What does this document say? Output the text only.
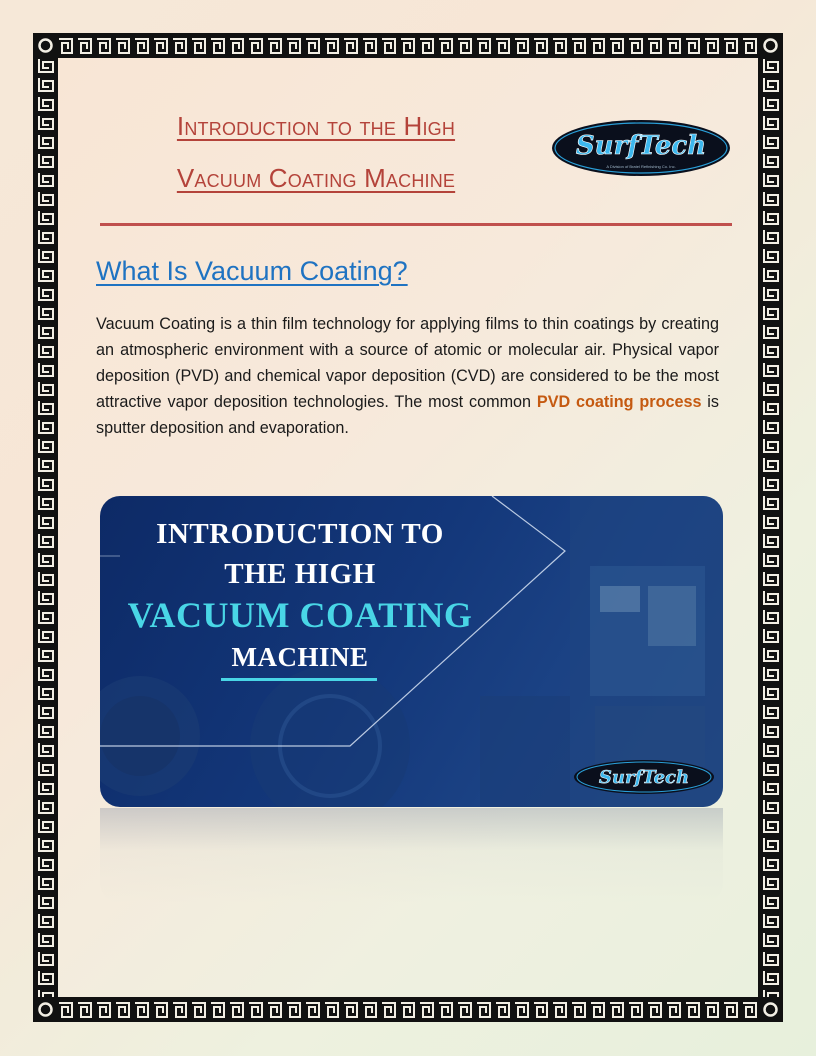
Introduction to the High
Vacuum Coating Machine
SurfTech
A Division of Bratel Refinishing Co. Inc.
What Is Vacuum Coating?

Vacuum Coating is a thin film technology for applying films to thin coatings by creating an atmospheric environment with a source of atomic or molecular air. Physical vapor deposition (PVD) and chemical vapor deposition (CVD) are considered to be the most attractive vapor deposition technologies. The most common PVD coating process is sputter deposition and evaporation.

INTRODUCTION TO
THE HIGH
VACUUM COATING
MACHINE
SurfTech
